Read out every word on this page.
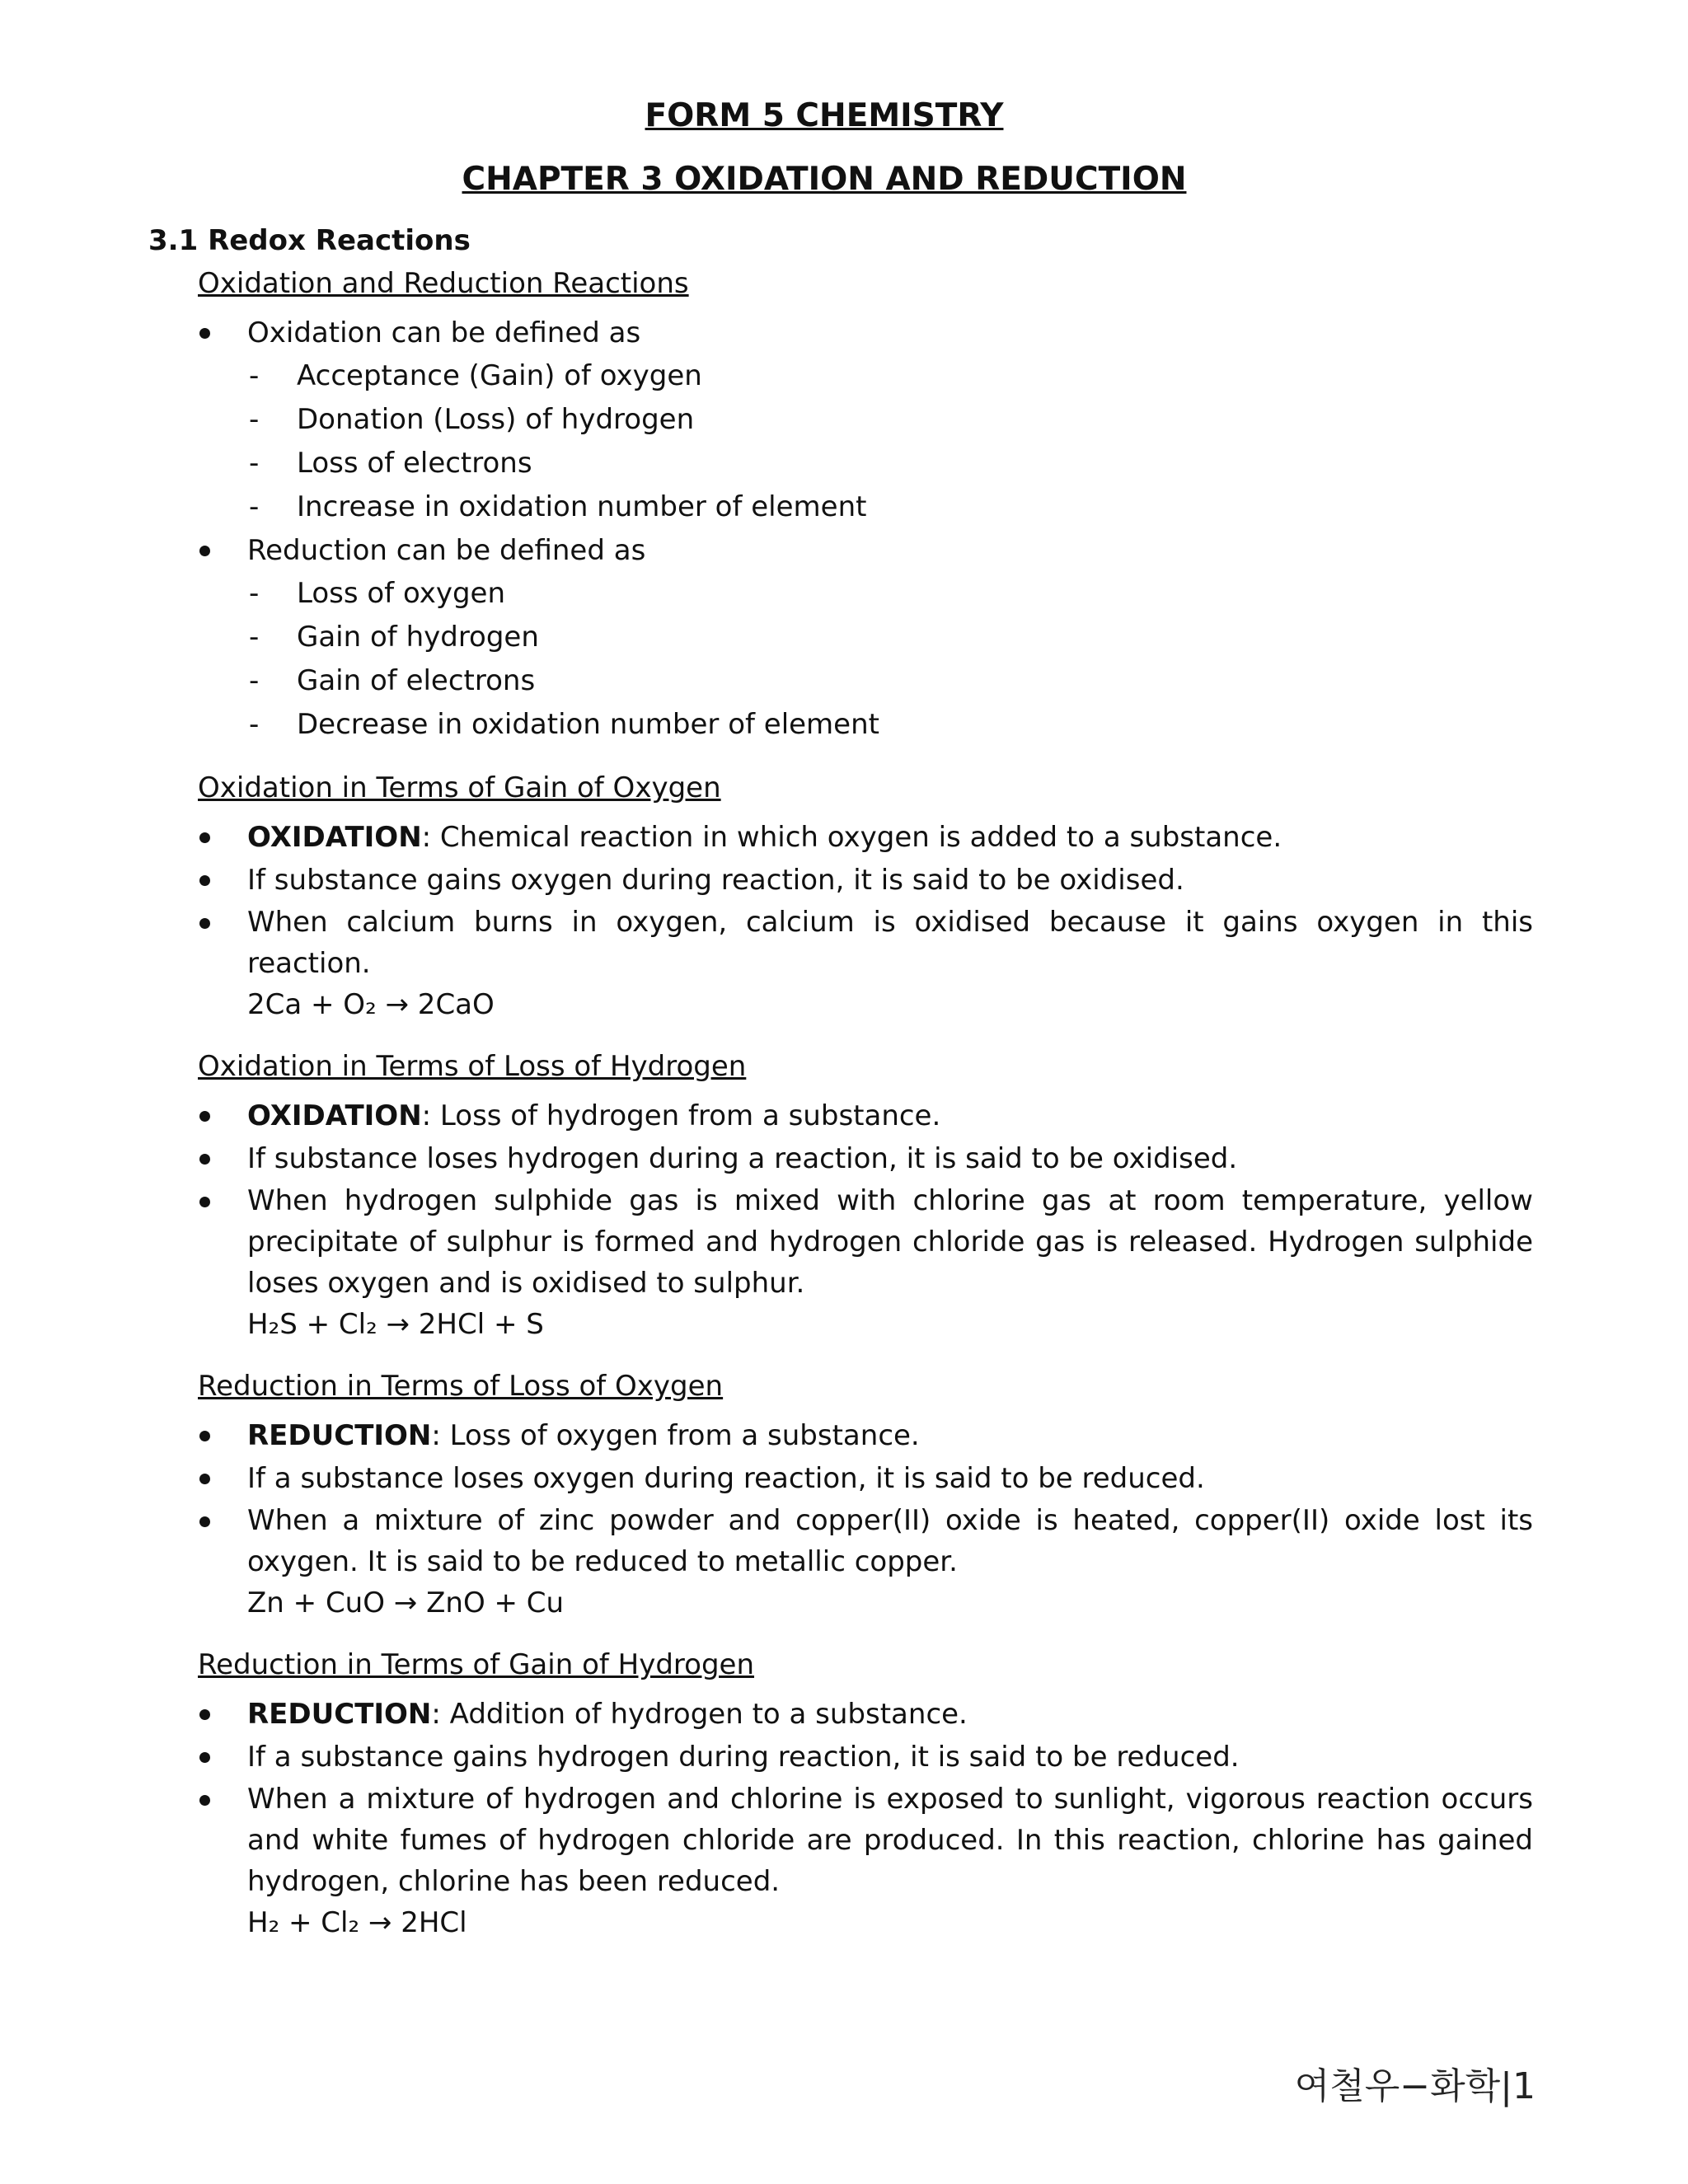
FORM 5 CHEMISTRY
CHAPTER 3 OXIDATION AND REDUCTION
3.1 Redox Reactions
Oxidation and Reduction Reactions
Oxidation can be defined as
- Acceptance (Gain) of oxygen
- Donation (Loss) of hydrogen
- Loss of electrons
- Increase in oxidation number of element
Reduction can be defined as
- Loss of oxygen
- Gain of hydrogen
- Gain of electrons
- Decrease in oxidation number of element
Oxidation in Terms of Gain of Oxygen
OXIDATION: Chemical reaction in which oxygen is added to a substance.
If substance gains oxygen during reaction, it is said to be oxidised.
When calcium burns in oxygen, calcium is oxidised because it gains oxygen in this reaction.
2Ca + O₂ → 2CaO
Oxidation in Terms of Loss of Hydrogen
OXIDATION: Loss of hydrogen from a substance.
If substance loses hydrogen during a reaction, it is said to be oxidised.
When hydrogen sulphide gas is mixed with chlorine gas at room temperature, yellow precipitate of sulphur is formed and hydrogen chloride gas is released. Hydrogen sulphide loses oxygen and is oxidised to sulphur.
H₂S + Cl₂ → 2HCl + S
Reduction in Terms of Loss of Oxygen
REDUCTION: Loss of oxygen from a substance.
If a substance loses oxygen during reaction, it is said to be reduced.
When a mixture of zinc powder and copper(II) oxide is heated, copper(II) oxide lost its oxygen. It is said to be reduced to metallic copper.
Zn + CuO → ZnO + Cu
Reduction in Terms of Gain of Hydrogen
REDUCTION: Addition of hydrogen to a substance.
If a substance gains hydrogen during reaction, it is said to be reduced.
When a mixture of hydrogen and chlorine is exposed to sunlight, vigorous reaction occurs and white fumes of hydrogen chloride are produced. In this reaction, chlorine has gained hydrogen, chlorine has been reduced.
H₂ + Cl₂ → 2HCl
여철우−화학|1
